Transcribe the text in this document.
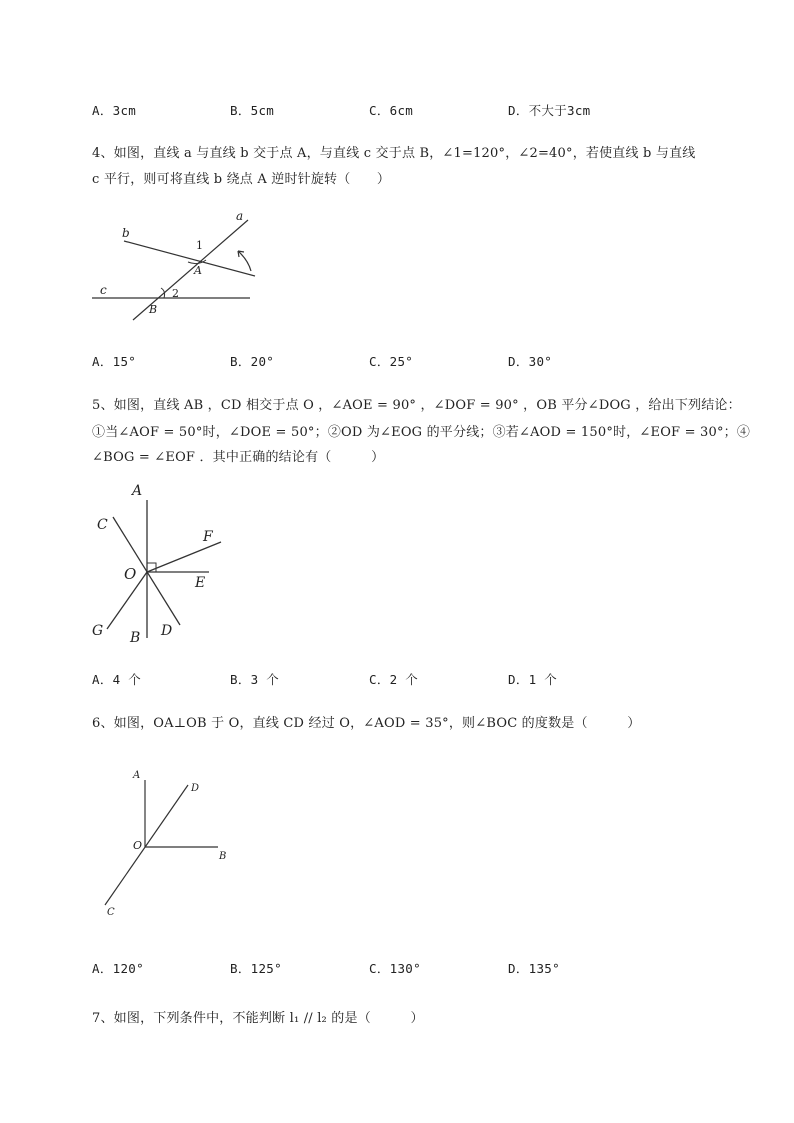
A．3cm	B．5cm	C．6cm	D．不大于3cm
4、如图，直线 a 与直线 b 交于点 A，与直线 c 交于点 B，∠1=120°，∠2=40°，若使直线 b 与直线
c 平行，则可将直线 b 绕点 A 逆时针旋转（　　）
a
b
c
A
B
1
2
A．15°	B．20°	C．25°	D．30°
5、如图，直线 AB ，CD 相交于点 O ，∠AOE = 90° ，∠DOF = 90° ，OB 平分∠DOG ，给出下列结论：
①当∠AOF = 50°时，∠DOE = 50°；②OD 为∠EOG 的平分线；③若∠AOD = 150°时，∠EOF = 30°；④
∠BOG = ∠EOF ．其中正确的结论有（　　　）
A
C
F
O	E
G B D
A．4 个	B．3 个	C．2 个	D．1 个
6、如图，OA⊥OB 于 O，直线 CD 经过 O，∠AOD = 35°，则∠BOC 的度数是（　　　）
A
D
O
B
C
A．120°	B．125°	C．130°	D．135°
7、如图，下列条件中，不能判断 l₁ // l₂ 的是（　　　）
